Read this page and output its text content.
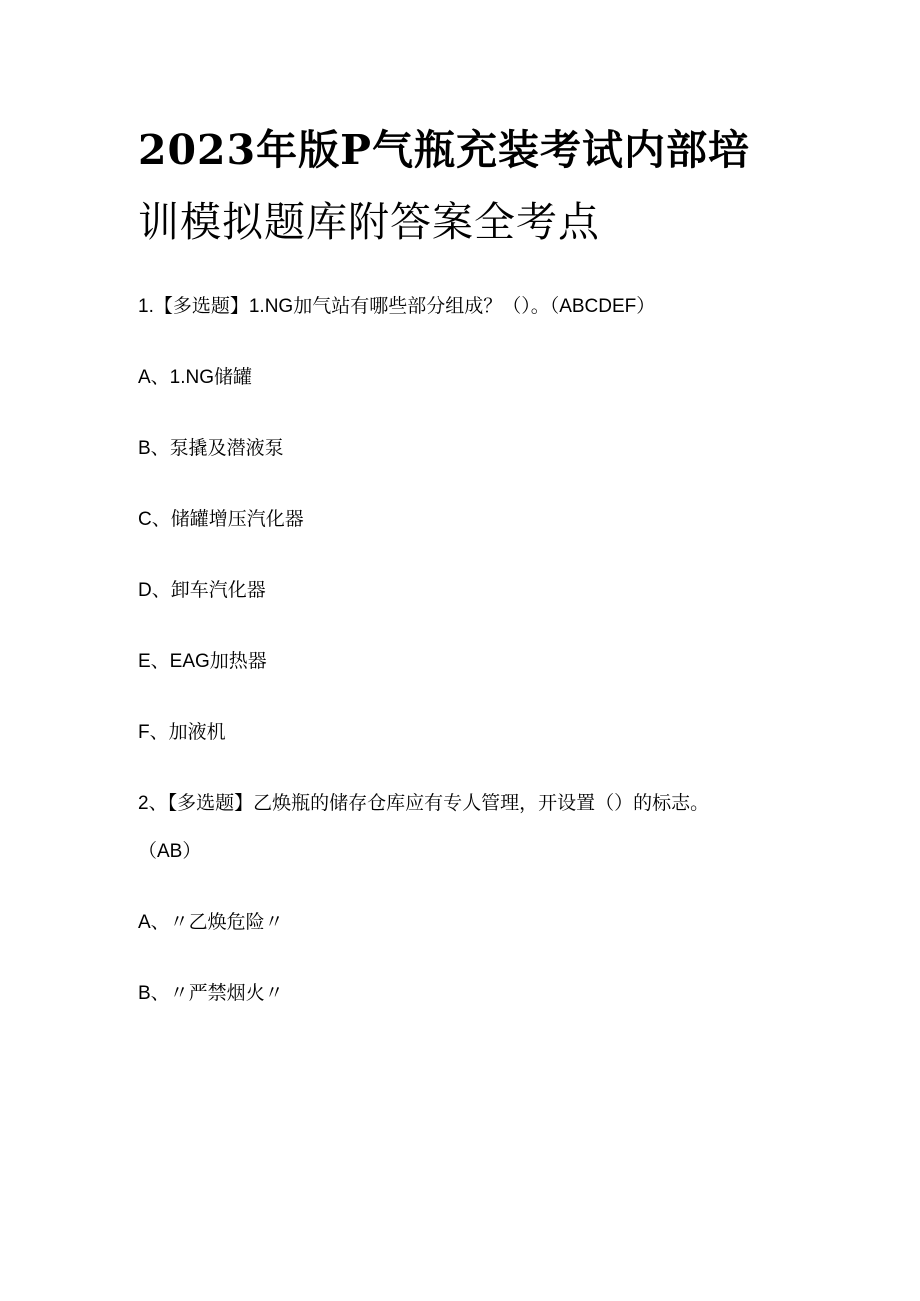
2023年版P气瓶充装考试内部培
训模拟题库附答案全考点

1.【多选题】1.NG加气站有哪些部分组成？（）。（ABCDEF）

A、1.NG储罐

B、泵撬及潜液泵

C、储罐增压汽化器

D、卸车汽化器

E、EAG加热器

F、加液机

2、【多选题】乙焕瓶的储存仓库应有专人管理，开设置（）的标志。

（AB）

A、〃乙焕危险〃

B、〃严禁烟火〃
